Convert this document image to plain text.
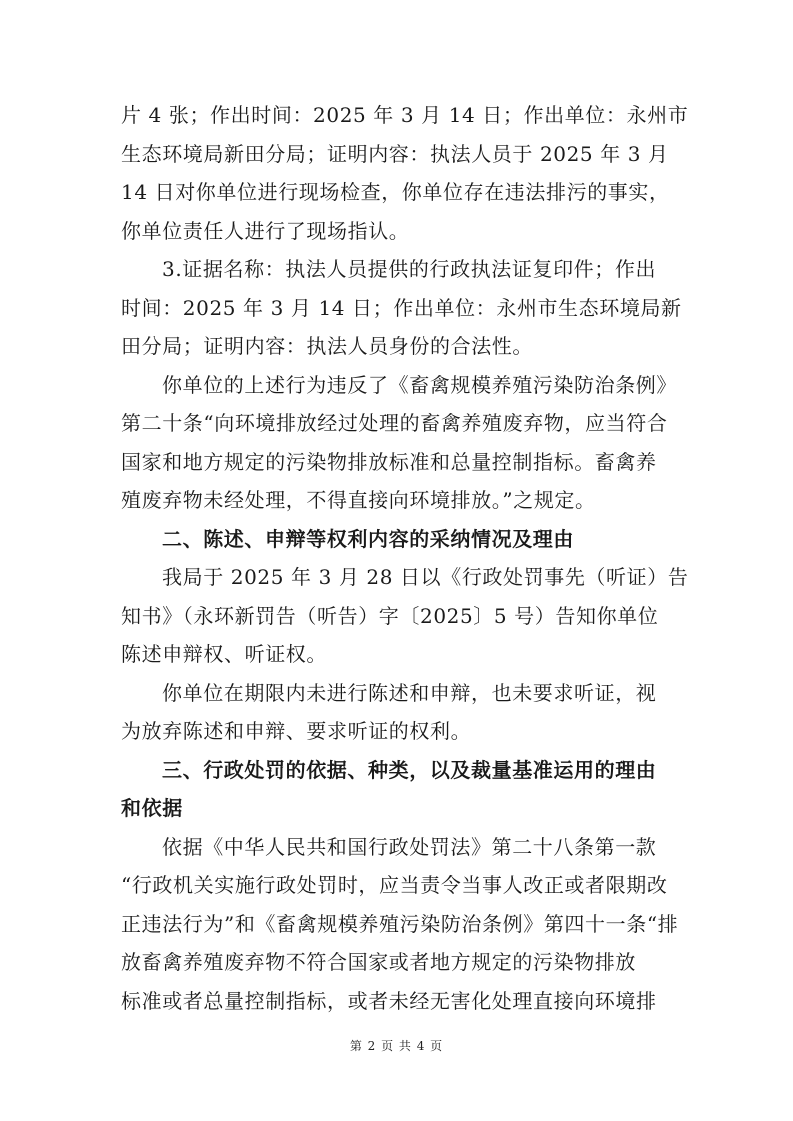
片 4 张；作出时间：2025 年 3 月 14 日；作出单位：永州市
生态环境局新田分局；证明内容：执法人员于 2025 年 3 月
14 日对你单位进行现场检查，你单位存在违法排污的事实，
你单位责任人进行了现场指认。
3.证据名称：执法人员提供的行政执法证复印件；作出
时间：2025 年 3 月 14 日；作出单位：永州市生态环境局新
田分局；证明内容：执法人员身份的合法性。
你单位的上述行为违反了《畜禽规模养殖污染防治条例》
第二十条“向环境排放经过处理的畜禽养殖废弃物，应当符合
国家和地方规定的污染物排放标准和总量控制指标。畜禽养
殖废弃物未经处理，不得直接向环境排放。”之规定。
二、陈述、申辩等权利内容的采纳情况及理由
我局于 2025 年 3 月 28 日以《行政处罚事先（听证）告
知书》（永环新罚告（听告）字〔2025〕5 号）告知你单位
陈述申辩权、听证权。
你单位在期限内未进行陈述和申辩，也未要求听证，视
为放弃陈述和申辩、要求听证的权利。
三、行政处罚的依据、种类，以及裁量基准运用的理由
和依据
依据《中华人民共和国行政处罚法》第二十八条第一款
“行政机关实施行政处罚时，应当责令当事人改正或者限期改
正违法行为”和《畜禽规模养殖污染防治条例》第四十一条“排
放畜禽养殖废弃物不符合国家或者地方规定的污染物排放
标准或者总量控制指标，或者未经无害化处理直接向环境排
第 2 页 共 4 页
